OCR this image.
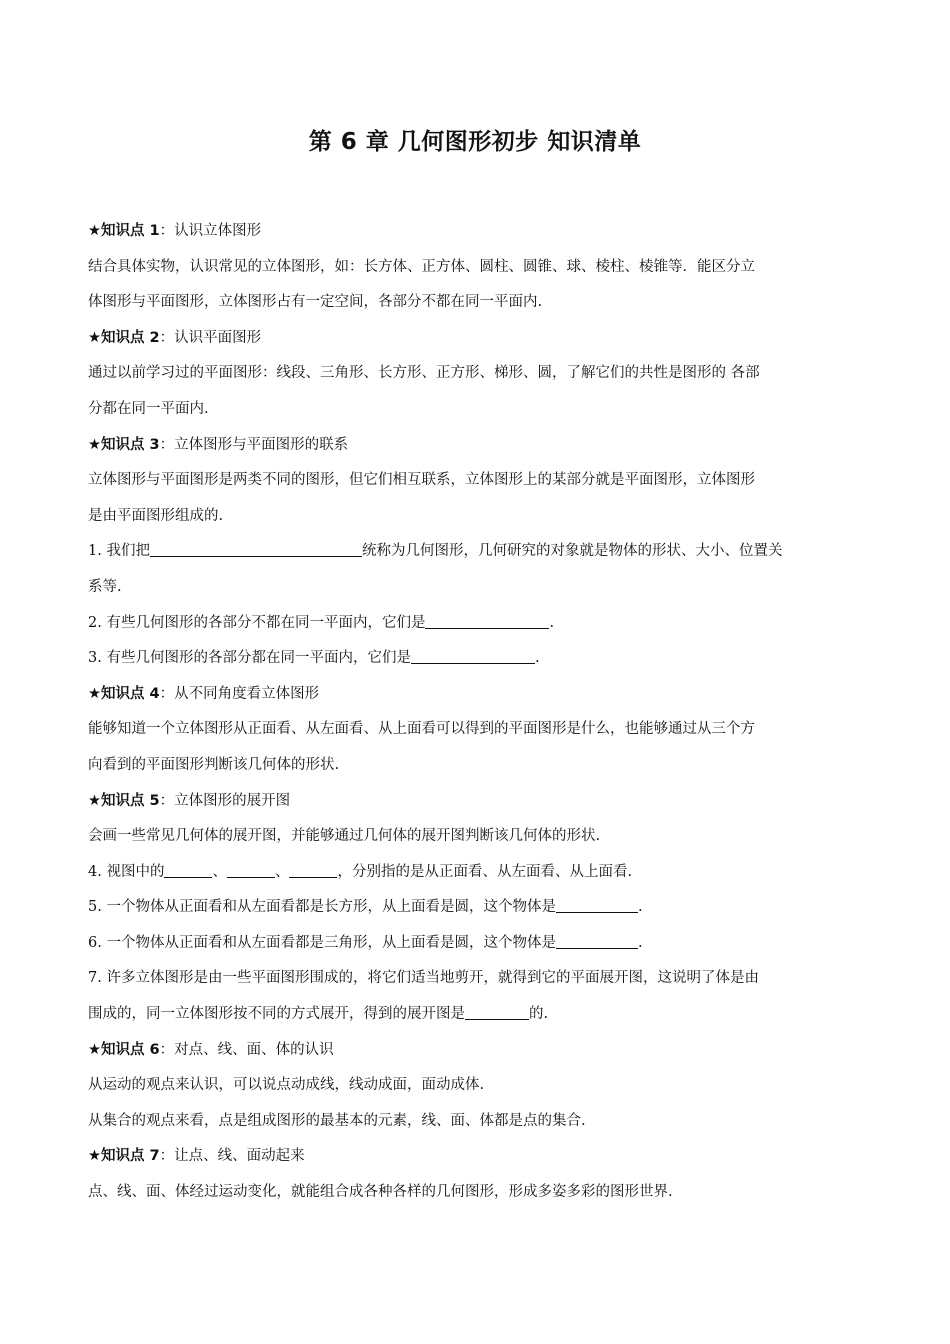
第 6 章 几何图形初步 知识清单

★知识点 1：认识立体图形

结合具体实物，认识常见的立体图形，如：长方体、正方体、圆柱、圆锥、球、棱柱、棱锥等．能区分立

体图形与平面图形，立体图形占有一定空间，各部分不都在同一平面内.

★知识点 2：认识平面图形

通过以前学习过的平面图形：线段、三角形、长方形、正方形、梯形、圆，了解它们的共性是图形的 各部

分都在同一平面内.

★知识点 3：立体图形与平面图形的联系

立体图形与平面图形是两类不同的图形，但它们相互联系，立体图形上的某部分就是平面图形，立体图形

是由平面图形组成的.

1. 我们把	统称为几何图形，几何研究的对象就是物体的形状、大小、位置关

系等.

2. 有些几何图形的各部分不都在同一平面内，它们是	.

3. 有些几何图形的各部分都在同一平面内，它们是	.

★知识点 4：从不同角度看立体图形

能够知道一个立体图形从正面看、从左面看、从上面看可以得到的平面图形是什么，也能够通过从三个方

向看到的平面图形判断该几何体的形状.

★知识点 5：立体图形的展开图

会画一些常见几何体的展开图，并能够通过几何体的展开图判断该几何体的形状.

4. 视图中的	、	、	，分别指的是从正面看、从左面看、从上面看.

5. 一个物体从正面看和从左面看都是长方形，从上面看是圆，这个物体是	.

6. 一个物体从正面看和从左面看都是三角形，从上面看是圆，这个物体是	.

7. 许多立体图形是由一些平面图形围成的，将它们适当地剪开，就得到它的平面展开图，这说明了体是由

围成的，同一立体图形按不同的方式展开，得到的展开图是	的.

★知识点 6：对点、线、面、体的认识

从运动的观点来认识，可以说点动成线，线动成面，面动成体.

从集合的观点来看，点是组成图形的最基本的元素，线、面、体都是点的集合.

★知识点 7：让点、线、面动起来

点、线、面、体经过运动变化，就能组合成各种各样的几何图形，形成多姿多彩的图形世界.
